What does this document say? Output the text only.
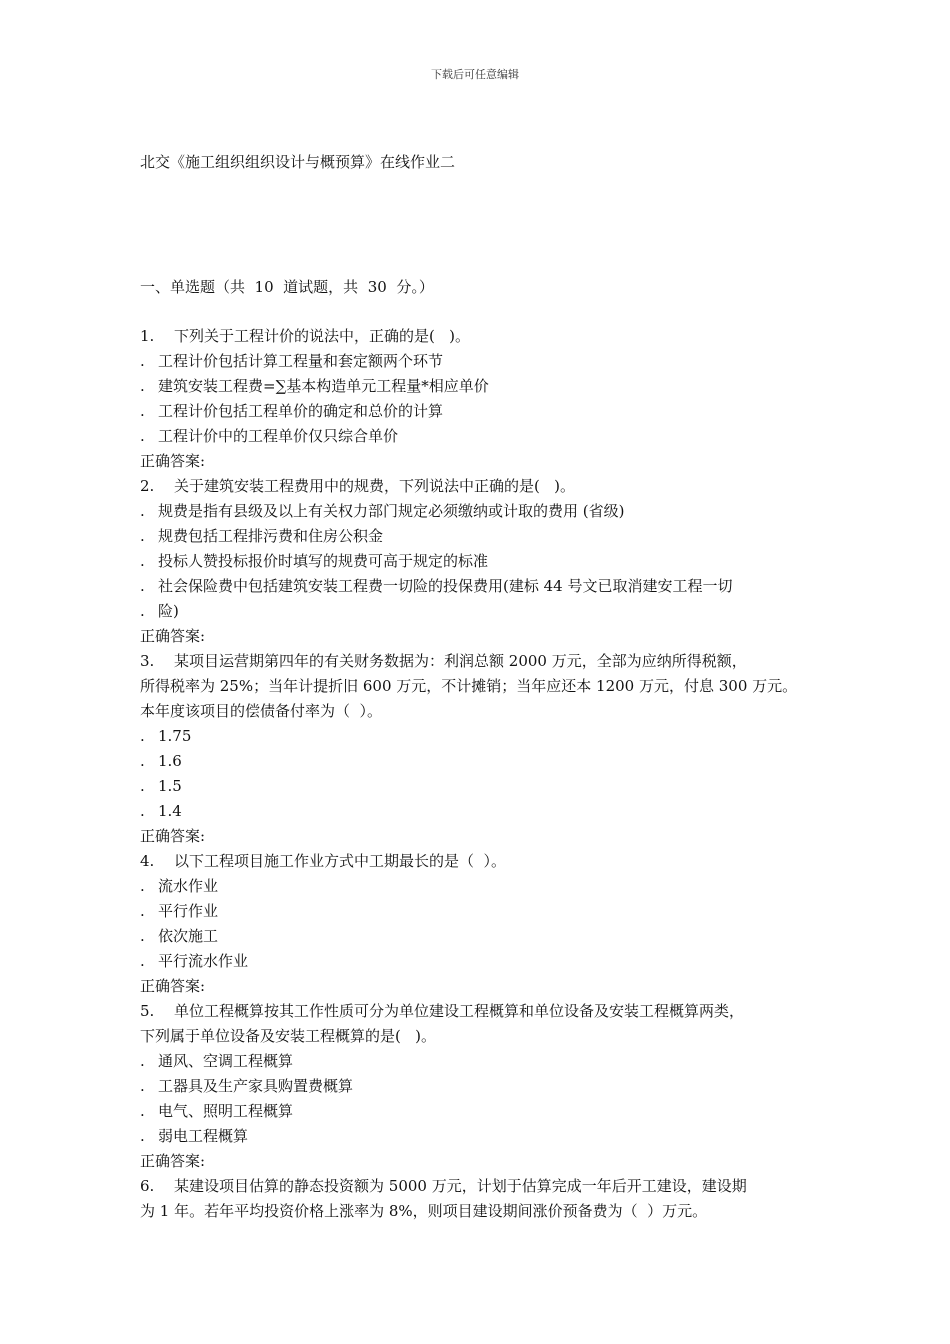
下载后可任意编辑
北交《施工组织组织设计与概预算》在线作业二
一、单选题（共  10  道试题，共  30  分。）
1. 下列关于工程计价的说法中，正确的是(   )。
. 工程计价包括计算工程量和套定额两个环节
. 建筑安装工程费=∑基本构造单元工程量*相应单价
. 工程计价包括工程单价的确定和总价的计算
. 工程计价中的工程单价仅只综合单价
正确答案:
2. 关于建筑安装工程费用中的规费，下列说法中正确的是(   )。
. 规费是指有县级及以上有关权力部门规定必须缴纳或计取的费用 (省级)
. 规费包括工程排污费和住房公积金
. 投标人赞投标报价时填写的规费可高于规定的标准
. 社会保险费中包括建筑安装工程费一切险的投保费用(建标 44 号文已取消建安工程一切
. 险)
正确答案:
3. 某项目运营期第四年的有关财务数据为：利润总额 2000 万元，全部为应纳所得税额，
所得税率为 25%；当年计提折旧 600 万元，不计摊销；当年应还本 1200 万元，付息 300 万元。
本年度该项目的偿债备付率为（  ）。
. 1.75
. 1.6
. 1.5
. 1.4
正确答案:
4. 以下工程项目施工作业方式中工期最长的是（  ）。
. 流水作业
. 平行作业
. 依次施工
. 平行流水作业
正确答案:
5. 单位工程概算按其工作性质可分为单位建设工程概算和单位设备及安装工程概算两类，
下列属于单位设备及安装工程概算的是(   )。
. 通风、空调工程概算
. 工器具及生产家具购置费概算
. 电气、照明工程概算
. 弱电工程概算
正确答案:
6. 某建设项目估算的静态投资额为 5000 万元，计划于估算完成一年后开工建设，建设期
为 1 年。若年平均投资价格上涨率为 8%，则项目建设期间涨价预备费为（  ）万元。
